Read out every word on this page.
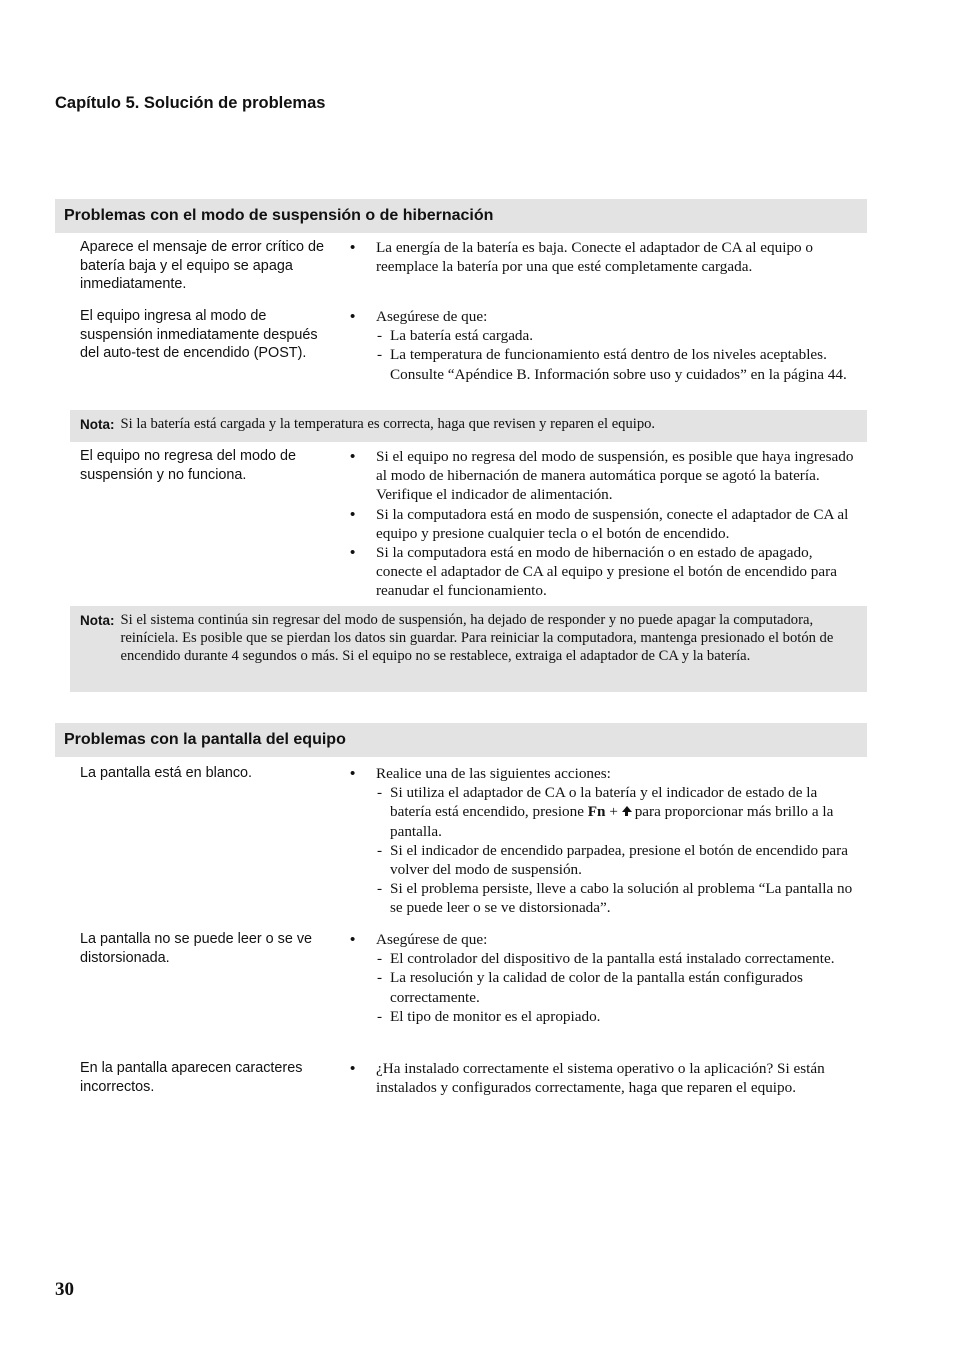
Capítulo 5. Solución de problemas
Problemas con el modo de suspensión o de hibernación
Aparece el mensaje de error crítico de batería baja y el equipo se apaga inmediatamente.
• La energía de la batería es baja. Conecte el adaptador de CA al equipo o reemplace la batería por una que esté completamente cargada.
El equipo ingresa al modo de suspensión inmediatamente después del auto-test de encendido (POST).
• Asegúrese de que:
- La batería está cargada.
- La temperatura de funcionamiento está dentro de los niveles aceptables. Consulte “Apéndice B. Información sobre uso y cuidados” en la página 44.
Nota: Si la batería está cargada y la temperatura es correcta, haga que revisen y reparen el equipo.
El equipo no regresa del modo de suspensión y no funciona.
• Si el equipo no regresa del modo de suspensión, es posible que haya ingresado al modo de hibernación de manera automática porque se agotó la batería. Verifique el indicador de alimentación.
• Si la computadora está en modo de suspensión, conecte el adaptador de CA al equipo y presione cualquier tecla o el botón de encendido.
• Si la computadora está en modo de hibernación o en estado de apagado, conecte el adaptador de CA al equipo y presione el botón de encendido para reanudar el funcionamiento.
Nota: Si el sistema continúa sin regresar del modo de suspensión, ha dejado de responder y no puede apagar la computadora, reiníciela. Es posible que se pierdan los datos sin guardar. Para reiniciar la computadora, mantenga presionado el botón de encendido durante 4 segundos o más. Si el equipo no se restablece, extraiga el adaptador de CA y la batería.
Problemas con la pantalla del equipo
La pantalla está en blanco.
•	Realice una de las siguientes acciones:
- Si utiliza el adaptador de CA o la batería y el indicador de estado de la batería está encendido, presione Fn + para proporcionar más brillo a la pantalla.
- Si el indicador de encendido parpadea, presione el botón de encendido para volver del modo de suspensión.
- Si el problema persiste, lleve a cabo la solución al problema “La pantalla no se puede leer o se ve distorsionada”.
La pantalla no se puede leer o se ve distorsionada.
• Asegúrese de que:
- El controlador del dispositivo de la pantalla está instalado correctamente.
- La resolución y la calidad de color de la pantalla están configurados correctamente.
- El tipo de monitor es el apropiado.
En la pantalla aparecen caracteres incorrectos.
• ¿Ha instalado correctamente el sistema operativo o la aplicación? Si están instalados y configurados correctamente, haga que reparen el equipo.
30
